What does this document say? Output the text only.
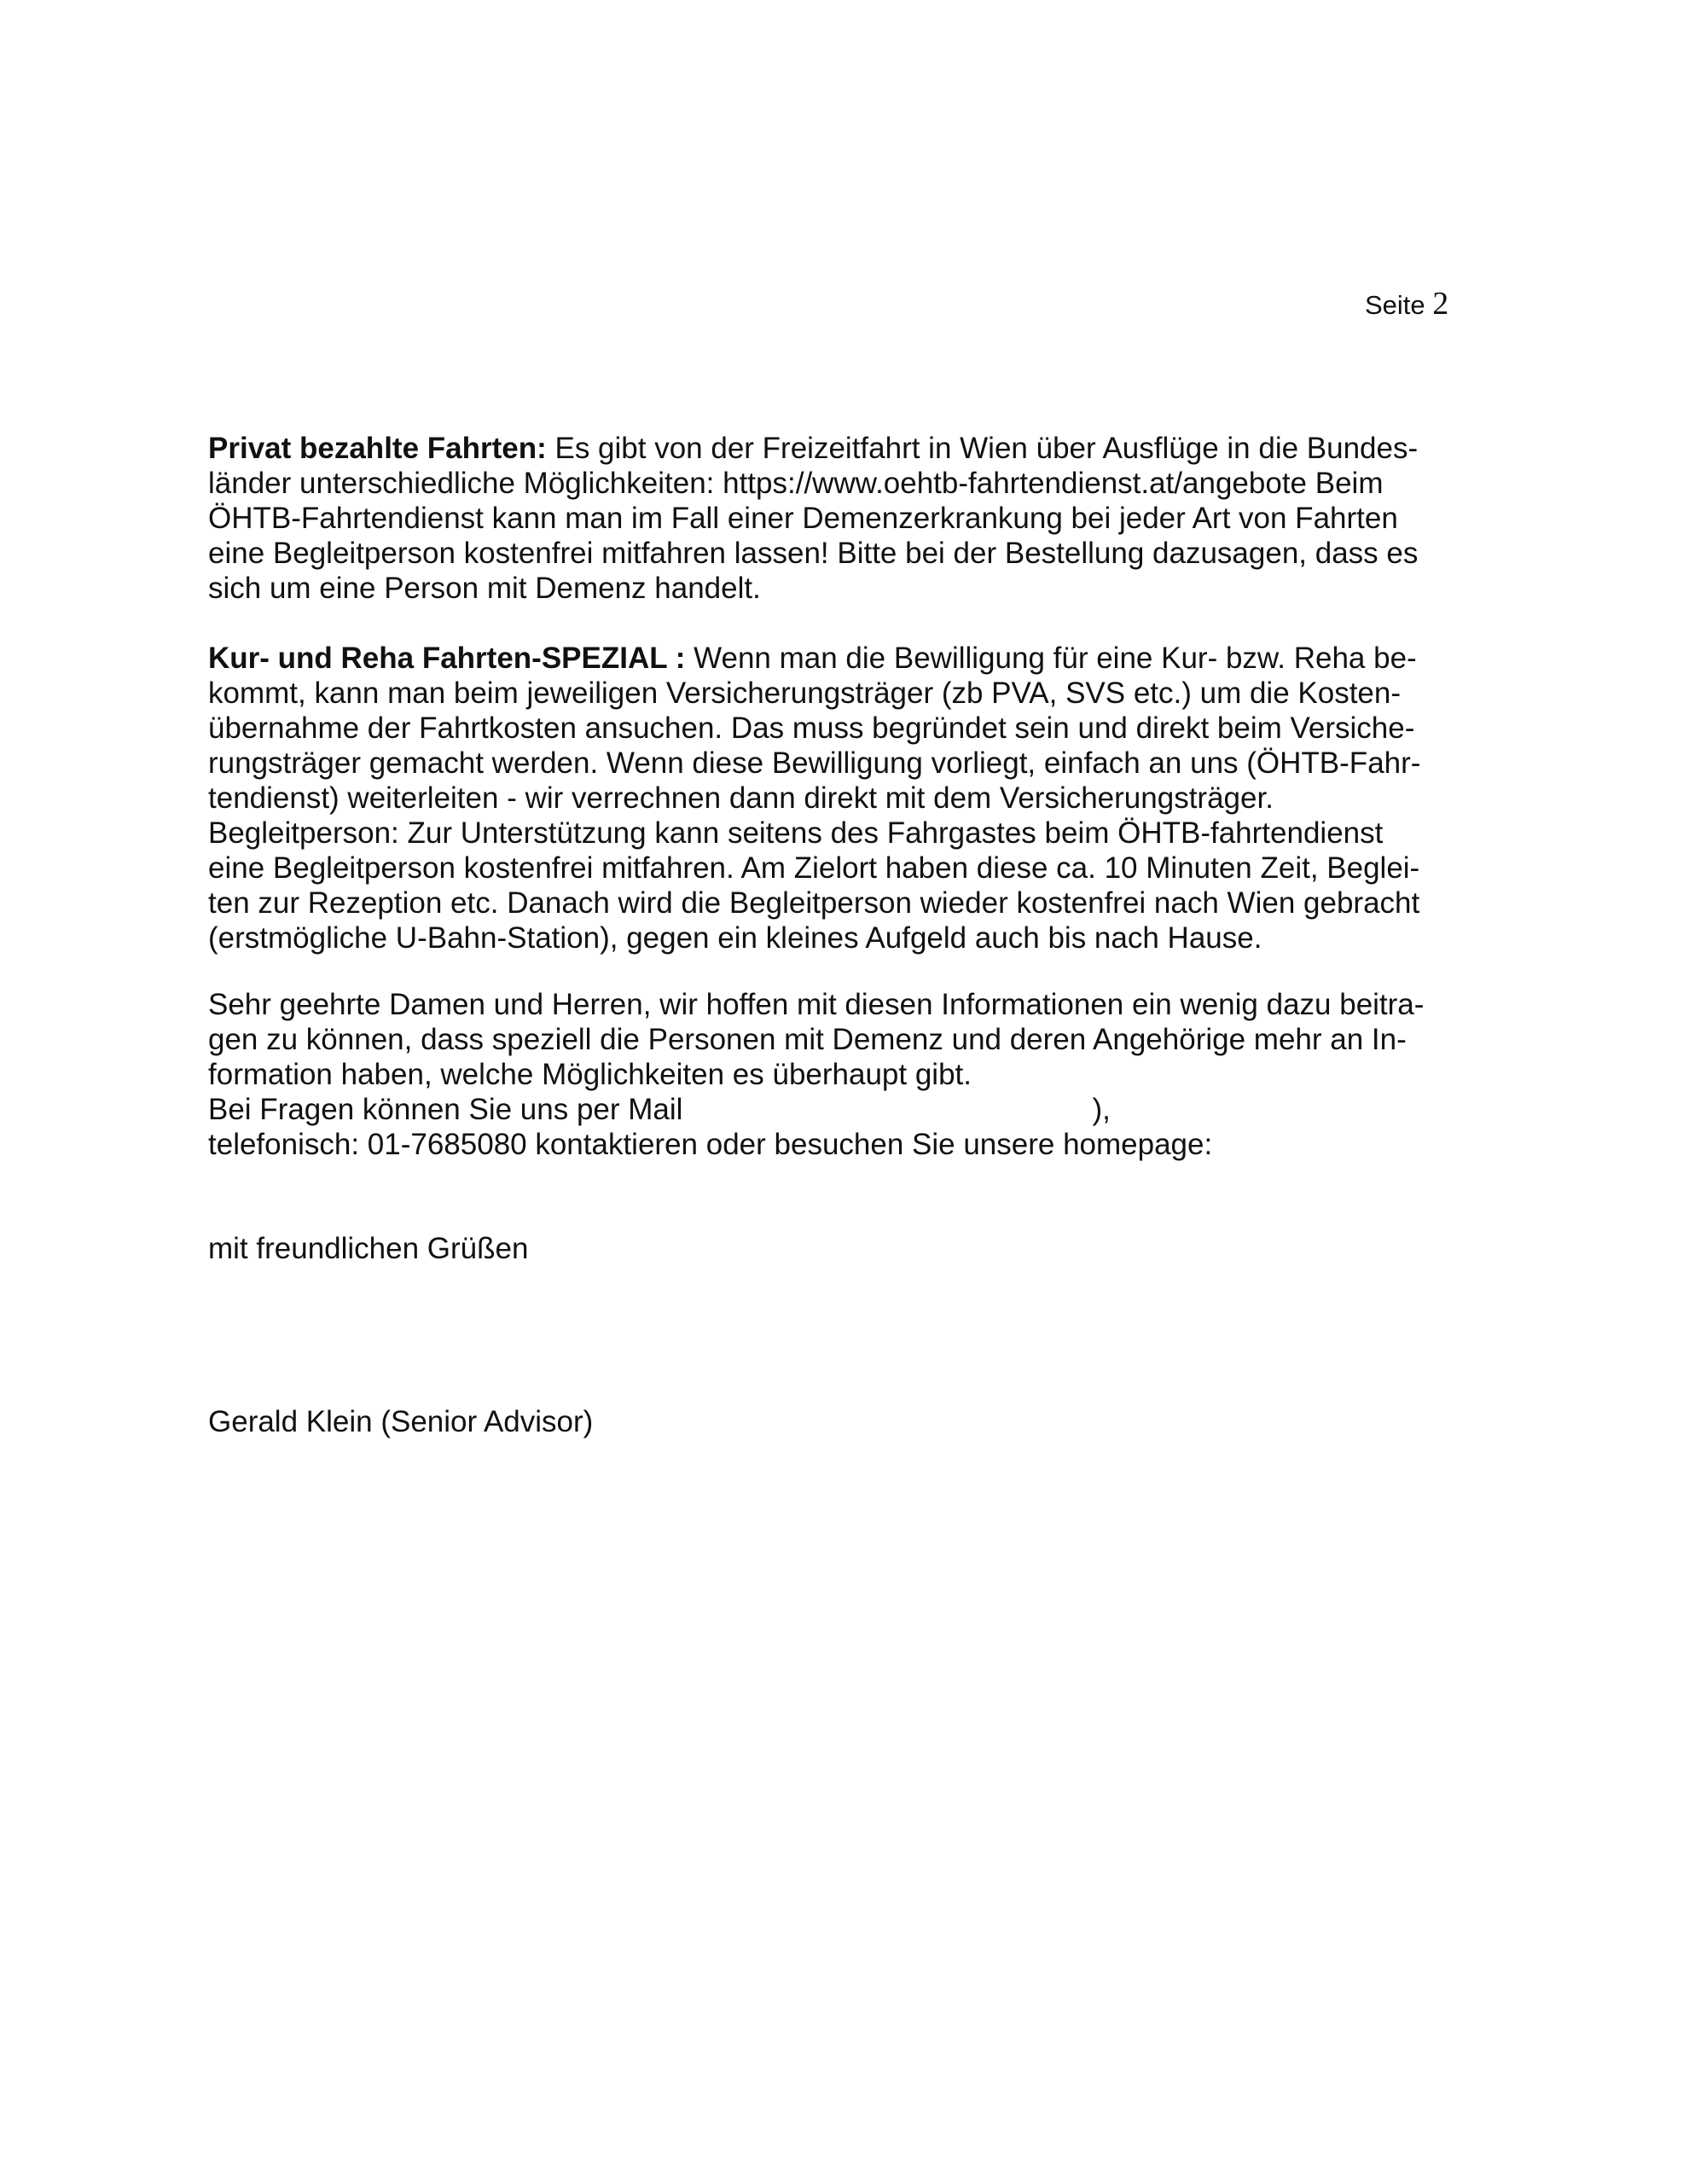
Seite 2
Privat bezahlte Fahrten: Es gibt von der Freizeitfahrt in Wien über Ausflüge in die Bundes-
länder unterschiedliche Möglichkeiten: https://www.oehtb-fahrtendienst.at/angebote Beim
ÖHTB-Fahrtendienst kann man im Fall einer Demenzerkrankung bei jeder Art von Fahrten
eine Begleitperson kostenfrei mitfahren lassen! Bitte bei der Bestellung dazusagen, dass es
sich um eine Person mit Demenz handelt.
Kur- und Reha Fahrten-SPEZIAL : Wenn man die Bewilligung für eine Kur- bzw. Reha be-
kommt, kann man beim jeweiligen Versicherungsträger (zb PVA, SVS etc.) um die Kosten-
übernahme der Fahrtkosten ansuchen. Das muss begründet sein und direkt beim Versiche-
rungsträger gemacht werden. Wenn diese Bewilligung vorliegt, einfach an uns (ÖHTB-Fahr-
tendienst) weiterleiten - wir verrechnen dann direkt mit dem Versicherungsträger.
Begleitperson: Zur Unterstützung kann seitens des Fahrgastes beim ÖHTB-fahrtendienst
eine Begleitperson kostenfrei mitfahren. Am Zielort haben diese ca. 10 Minuten Zeit, Beglei-
ten zur Rezeption etc. Danach wird die Begleitperson wieder kostenfrei nach Wien gebracht
(erstmögliche U-Bahn-Station), gegen ein kleines Aufgeld auch bis nach Hause.
Sehr geehrte Damen und Herren, wir hoffen mit diesen Informationen ein wenig dazu beitra-
gen zu können, dass speziell die Personen mit Demenz und deren Angehörige mehr an In-
formation haben, welche Möglichkeiten es überhaupt gibt.
Bei Fragen können Sie uns per Mail	),
telefonisch: 01-7685080 kontaktieren oder besuchen Sie unsere homepage:
mit freundlichen Grüßen
Gerald Klein (Senior Advisor)
